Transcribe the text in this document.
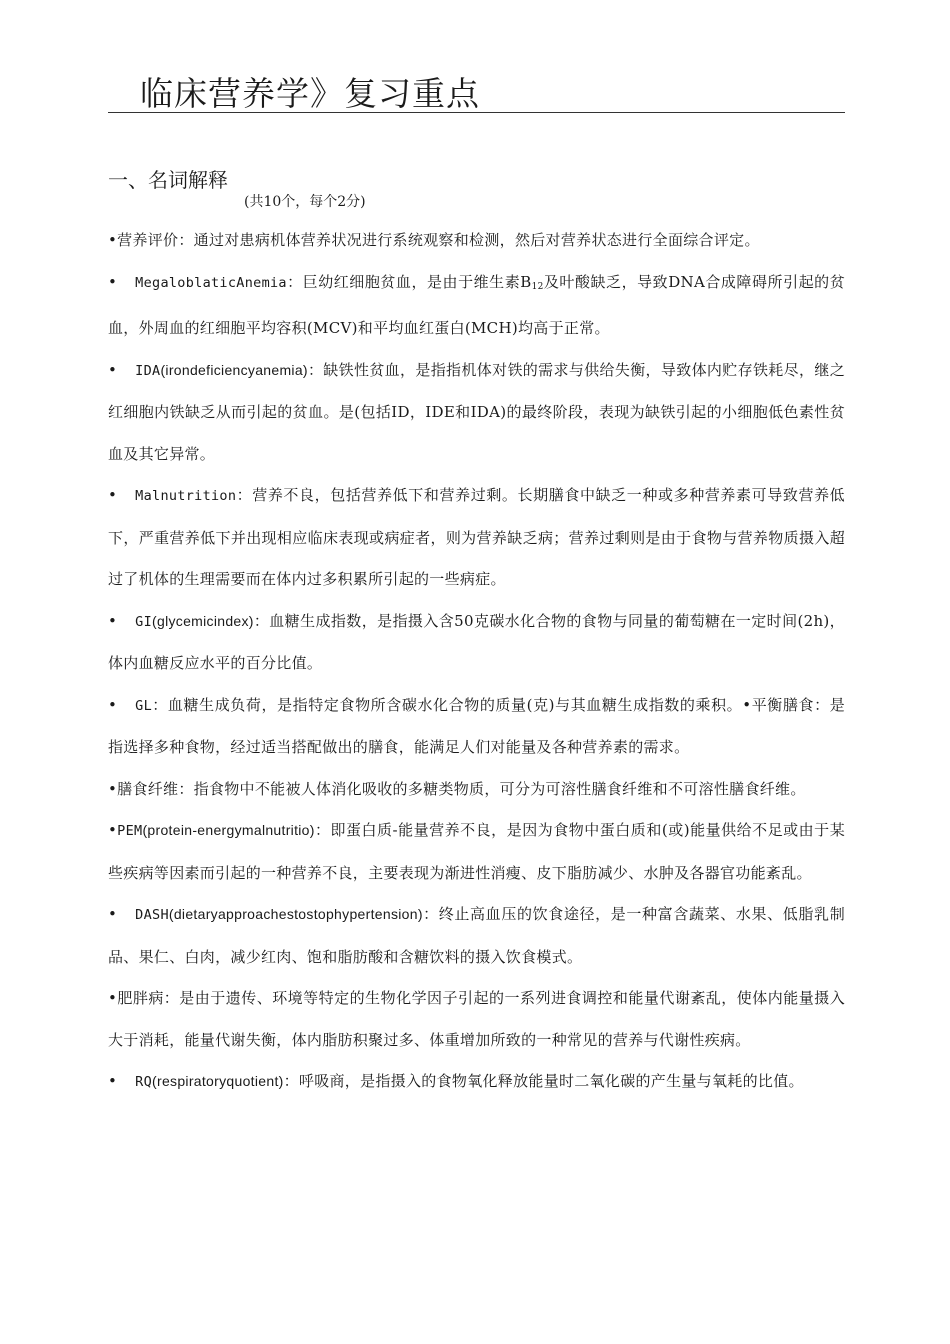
临床营养学》复习重点
一、名词解释
(共10个，每个2分)

•营养评价：通过对患病机体营养状况进行系统观察和检测，然后对营养状态进行全面综合评定。

• MegaloblaticAnemia：巨幼红细胞贫血，是由于维生素$B_{12}$及叶酸缺乏，导致DNA合成障碍所引起的贫血，外周血的红细胞平均容积(MCV)和平均血红蛋白(MCH)均高于正常。

• IDA(irondeficiencyanemia)：缺铁性贫血，是指指机体对铁的需求与供给失衡，导致体内贮存铁耗尽，继之红细胞内铁缺乏从而引起的贫血。是(包括ID，IDE和IDA)的最终阶段，表现为缺铁引起的小细胞低色素性贫血及其它异常。

• Malnutrition：营养不良，包括营养低下和营养过剩。长期膳食中缺乏一种或多种营养素可导致营养低下，严重营养低下并出现相应临床表现或病症者，则为营养缺乏病；营养过剩则是由于食物与营养物质摄入超过了机体的生理需要而在体内过多积累所引起的一些病症。

• GI(glycemicindex)：血糖生成指数，是指摄入含50克碳水化合物的食物与同量的葡萄糖在一定时间(2h)，体内血糖反应水平的百分比值。

• GL：血糖生成负荷，是指特定食物所含碳水化合物的质量(克)与其血糖生成指数的乘积。•平衡膳食：是指选择多种食物，经过适当搭配做出的膳食，能满足人们对能量及各种营养素的需求。

•膳食纤维：指食物中不能被人体消化吸收的多糖类物质，可分为可溶性膳食纤维和不可溶性膳食纤维。

•PEM(protein-energymalnutritio)：即蛋白质-能量营养不良，是因为食物中蛋白质和(或)能量供给不足或由于某些疾病等因素而引起的一种营养不良，主要表现为渐进性消瘦、皮下脂肪减少、水肿及各器官功能紊乱。

• DASH(dietaryapproachestostophypertension)：终止高血压的饮食途径，是一种富含蔬菜、水果、低脂乳制品、果仁、白肉，减少红肉、饱和脂肪酸和含糖饮料的摄入饮食模式。

•肥胖病：是由于遗传、环境等特定的生物化学因子引起的一系列进食调控和能量代谢紊乱，使体内能量摄入大于消耗，能量代谢失衡，体内脂肪积聚过多、体重增加所致的一种常见的营养与代谢性疾病。

• RQ(respiratoryquotient)：呼吸商，是指摄入的食物氧化释放能量时二氧化碳的产生量与氧耗的比值。
